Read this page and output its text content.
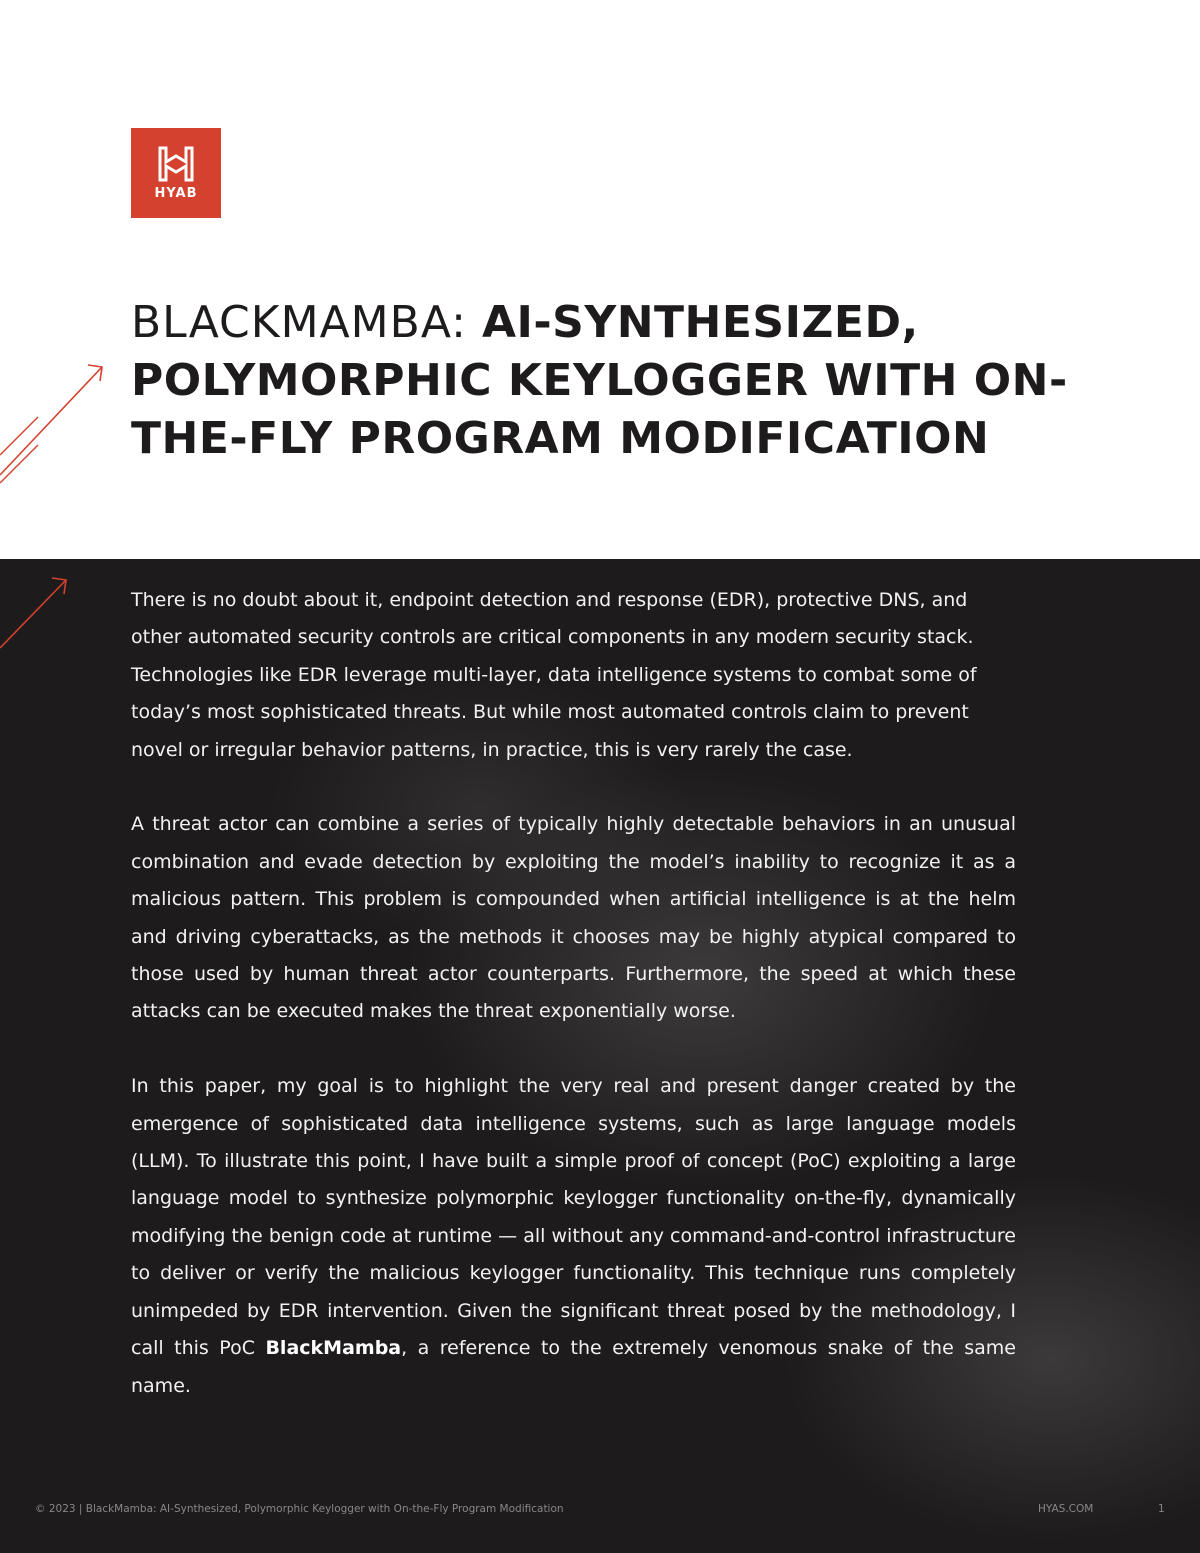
HYAB
BLACKMAMBA: AI-SYNTHESIZED, POLYMORPHIC KEYLOGGER WITH ON-THE-FLY PROGRAM MODIFICATION

There is no doubt about it, endpoint detection and response (EDR), protective DNS, and other automated security controls are critical components in any modern security stack. Technologies like EDR leverage multi-layer, data intelligence systems to combat some of today’s most sophisticated threats. But while most automated controls claim to prevent novel or irregular behavior patterns, in practice, this is very rarely the case.

A threat actor can combine a series of typically highly detectable behaviors in an unusual combination and evade detection by exploiting the model’s inability to recognize it as a malicious pattern. This problem is compounded when artificial intelligence is at the helm and driving cyberattacks, as the methods it chooses may be highly atypical compared to those used by human threat actor counterparts. Furthermore, the speed at which these attacks can be executed makes the threat exponentially worse.

In this paper, my goal is to highlight the very real and present danger created by the emergence of sophisticated data intelligence systems, such as large language models (LLM). To illustrate this point, I have built a simple proof of concept (PoC) exploiting a large language model to synthesize polymorphic keylogger functionality on-the-fly, dynamically modifying the benign code at runtime — all without any command-and-control infrastructure to deliver or verify the malicious keylogger functionality. This technique runs completely unimpeded by EDR intervention. Given the significant threat posed by the methodology, I call this PoC BlackMamba, a reference to the extremely venomous snake of the same name.

© 2023 | BlackMamba: AI-Synthesized, Polymorphic Keylogger with On-the-Fly Program Modification	HYAS.COM	1
